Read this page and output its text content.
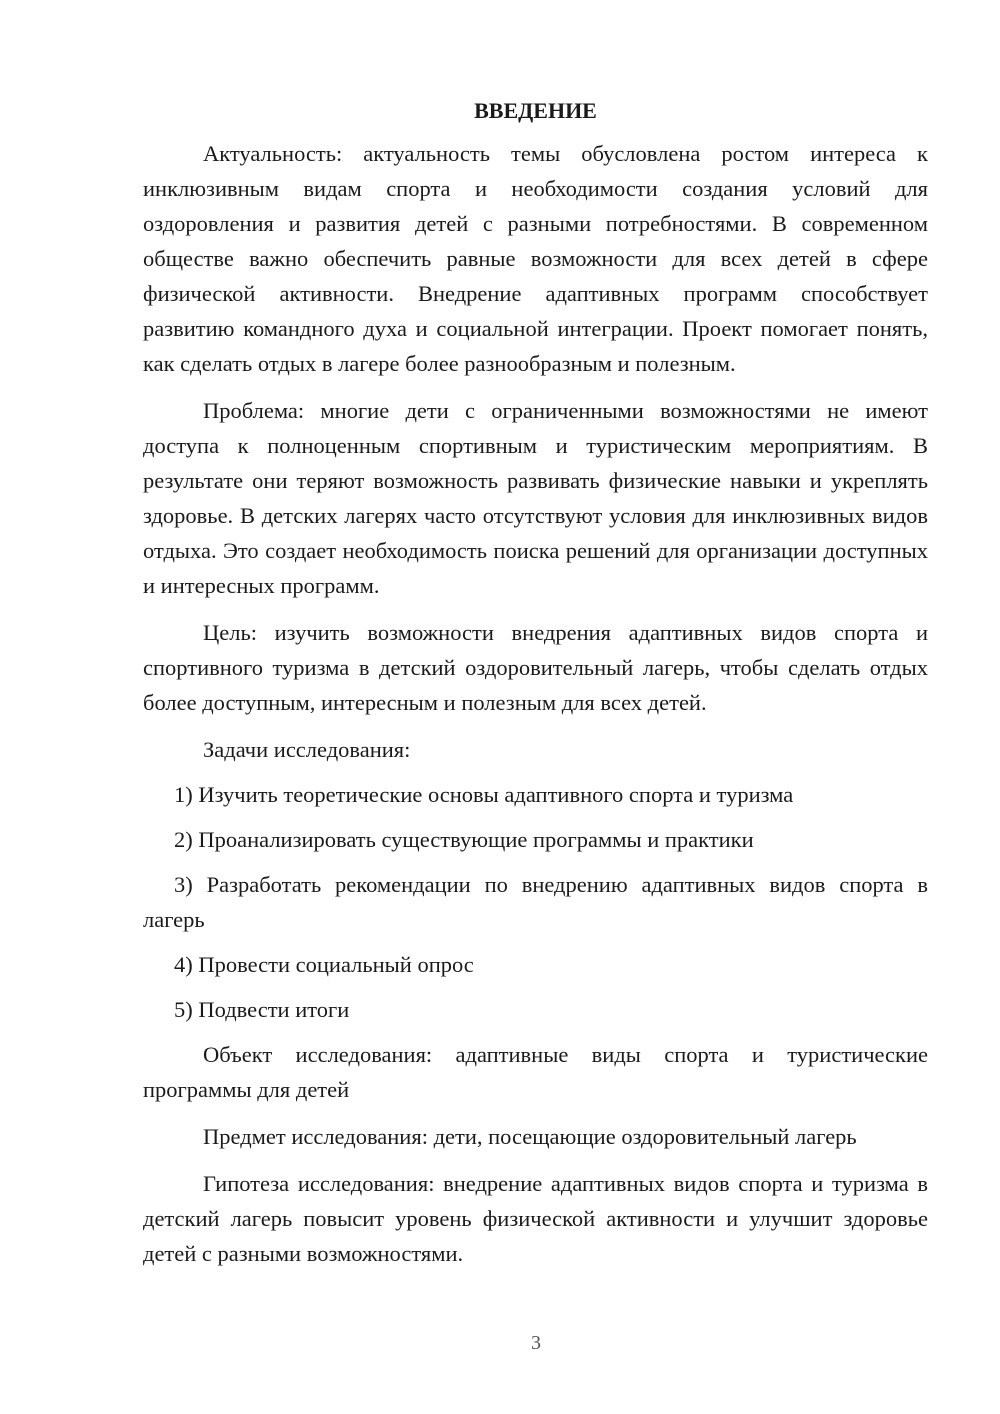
ВВЕДЕНИЕ

Актуальность: актуальность темы обусловлена ростом интереса к инклюзивным видам спорта и необходимости создания условий для оздоровления и развития детей с разными потребностями. В современном обществе важно обеспечить равные возможности для всех детей в сфере физической активности. Внедрение адаптивных программ способствует развитию командного духа и социальной интеграции. Проект помогает понять, как сделать отдых в лагере более разнообразным и полезным.

Проблема: многие дети с ограниченными возможностями не имеют доступа к полноценным спортивным и туристическим мероприятиям. В результате они теряют возможность развивать физические навыки и укреплять здоровье. В детских лагерях часто отсутствуют условия для инклюзивных видов отдыха. Это создает необходимость поиска решений для организации доступных и интересных программ.

Цель: изучить возможности внедрения адаптивных видов спорта и спортивного туризма в детский оздоровительный лагерь, чтобы сделать отдых более доступным, интересным и полезным для всех детей.

Задачи исследования:

1) Изучить теоретические основы адаптивного спорта и туризма

2) Проанализировать существующие программы и практики

3) Разработать рекомендации по внедрению адаптивных видов спорта в лагерь

4) Провести социальный опрос

5) Подвести итоги

Объект исследования: адаптивные виды спорта и туристические программы для детей

Предмет исследования: дети, посещающие оздоровительный лагерь

Гипотеза исследования: внедрение адаптивных видов спорта и туризма в детский лагерь повысит уровень физической активности и улучшит здоровье детей с разными возможностями.

3
